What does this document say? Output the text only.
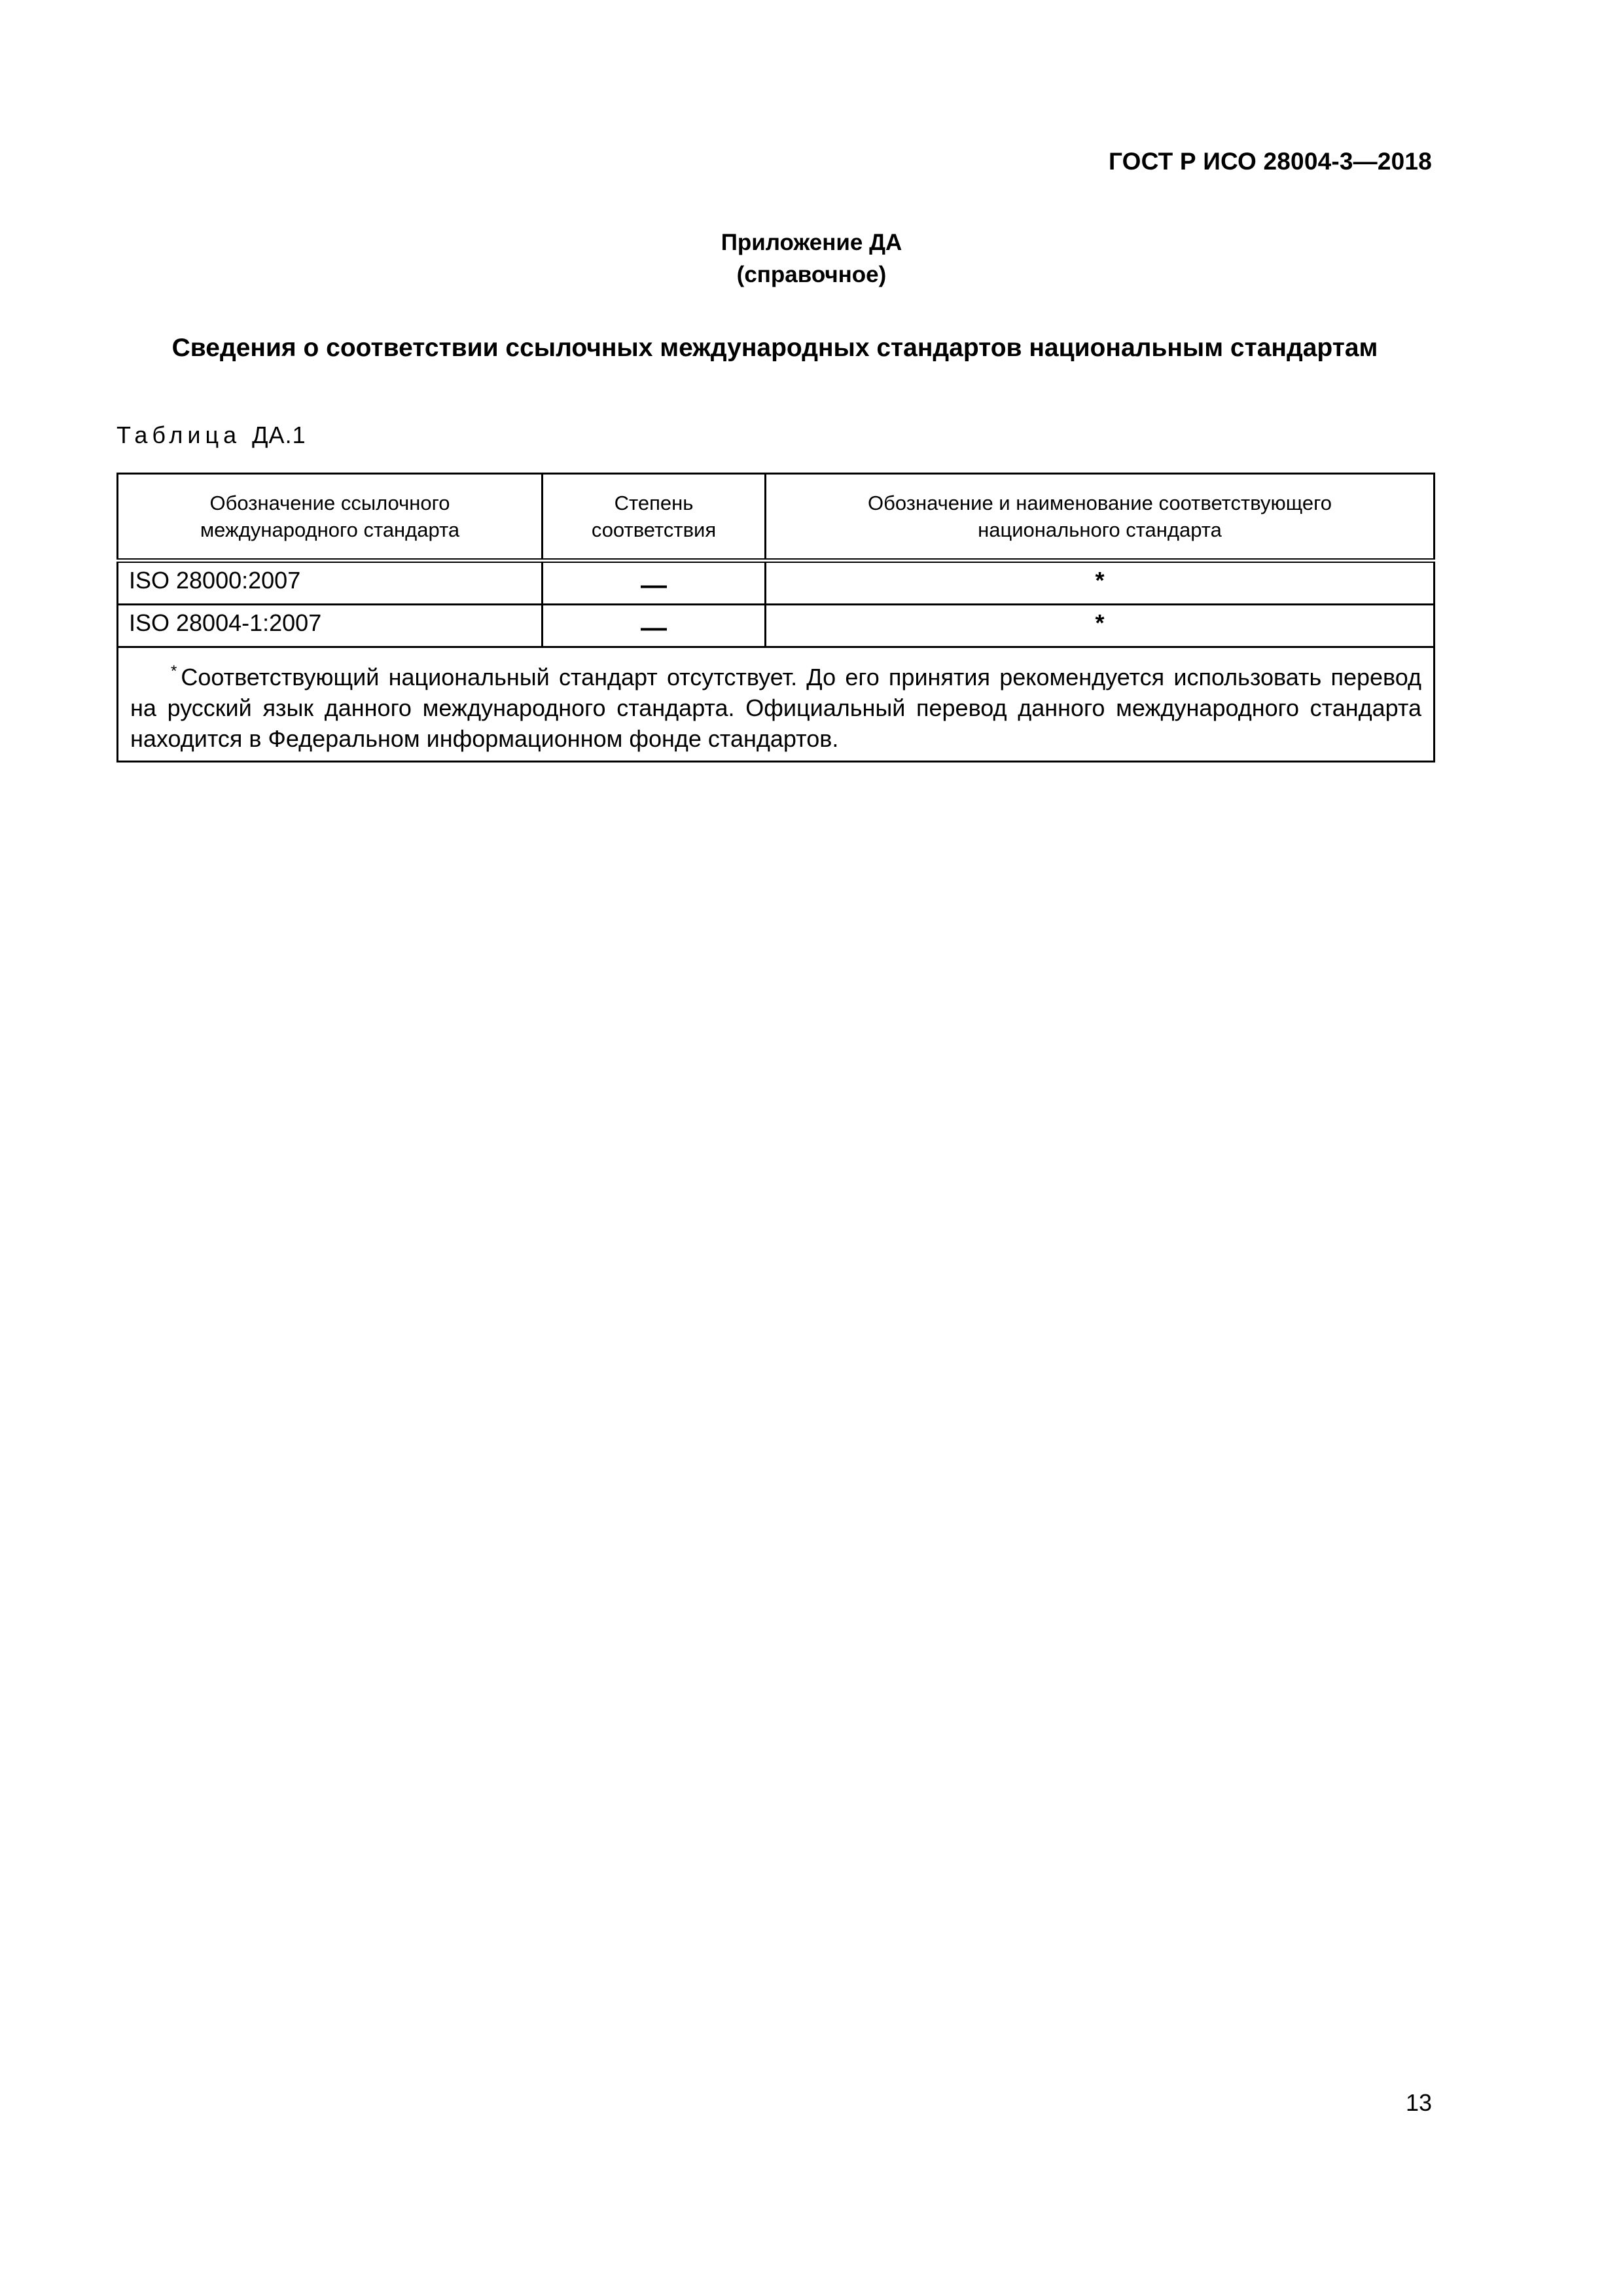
ГОСТ Р ИСО 28004-3—2018
Приложение ДА
(справочное)
Сведения о соответствии ссылочных международных стандартов национальным стандартам
Таблица ДА.1
Обозначение ссылочного международного стандарта	Степень соответствия	Обозначение и наименование соответствующего национального стандарта
ISO 28000:2007	—	*
ISO 28004-1:2007	—	*
* Соответствующий национальный стандарт отсутствует. До его принятия рекомендуется использовать перевод на русский язык данного международного стандарта. Официальный перевод данного международного стандарта находится в Федеральном информационном фонде стандартов.		
13
